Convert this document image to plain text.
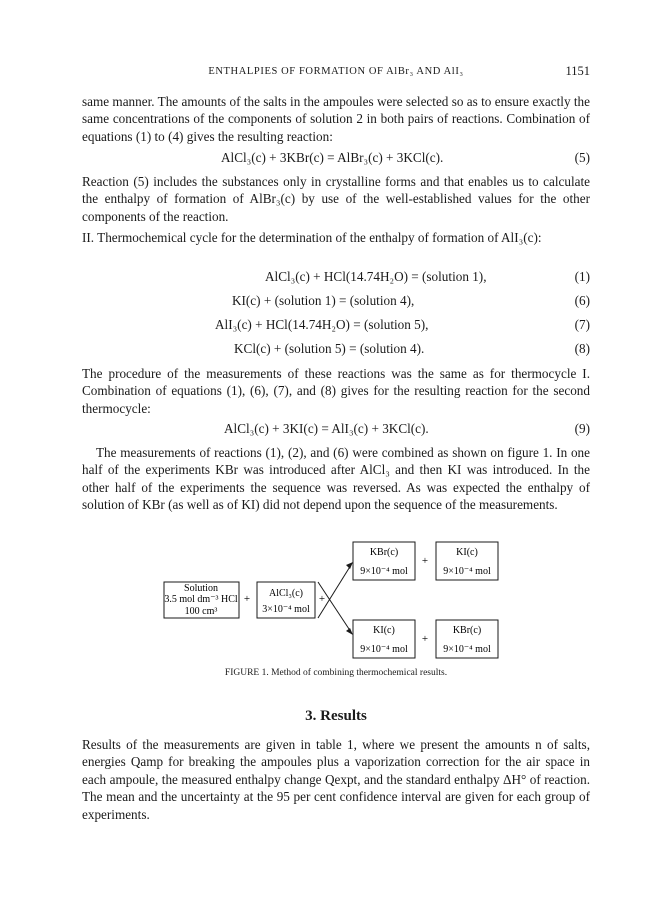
ENTHALPIES OF FORMATION OF AlBr₃ AND AlI₃	1151

same manner. The amounts of the salts in the ampoules were selected so as to ensure exactly the same concentrations of the components of solution 2 in both pairs of reactions. Combination of equations (1) to (4) gives the resulting reaction:

AlCl₃(c) + 3KBr(c) = AlBr₃(c) + 3KCl(c).	(5)

Reaction (5) includes the substances only in crystalline forms and that enables us to calculate the enthalpy of formation of AlBr₃(c) by use of the well-established values for the other components of the reaction.

II. Thermochemical cycle for the determination of the enthalpy of formation of AlI₃(c):

AlCl₃(c) + HCl(14.74H₂O) = (solution 1),	(1)
KI(c) + (solution 1) = (solution 4),	(6)
AlI₃(c) + HCl(14.74H₂O) = (solution 5),	(7)
KCl(c) + (solution 5) = (solution 4).	(8)

The procedure of the measurements of these reactions was the same as for thermocycle I. Combination of equations (1), (6), (7), and (8) gives for the resulting reaction for the second thermocycle:

AlCl₃(c) + 3KI(c) = AlI₃(c) + 3KCl(c).	(9)

The measurements of reactions (1), (2), and (6) were combined as shown on figure 1. In one half of the experiments KBr was introduced after AlCl₃ and then KI was introduced. In the other half of the experiments the sequence was reversed. As was expected the enthalpy of solution of KBr (as well as of KI) did not depend upon the sequence of the measurements.

Solution
3.5 mol dm⁻³ HCl
100 cm³
+ AlCl₃(c)
3×10⁻⁴ mol
+
KBr(c)
9×10⁻⁴ mol
+
KI(c)
9×10⁻⁴ mol
KI(c)
9×10⁻⁴ mol
+
KBr(c)
9×10⁻⁴ mol
FIGURE 1. Method of combining thermochemical results.
3. Results

Results of the measurements are given in table 1, where we present the amounts n of salts, energies Qamp for breaking the ampoules plus a vaporization correction for the air space in each ampoule, the measured enthalpy change Qexpt, and the standard enthalpy ΔH° of reaction. The mean and the uncertainty at the 95 per cent confidence interval are given for each group of experiments.
